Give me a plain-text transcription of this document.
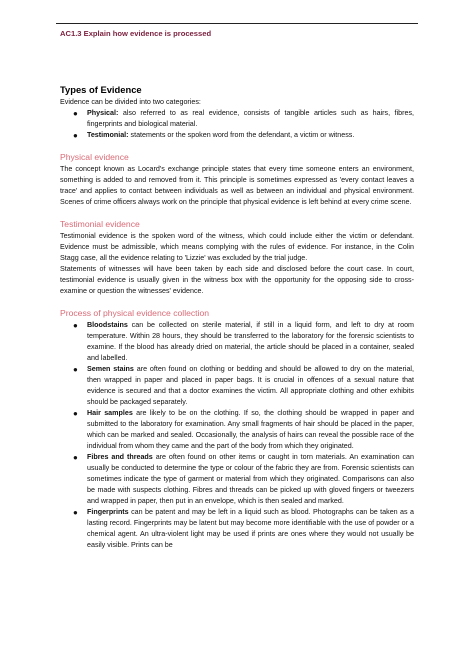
AC1.3 Explain how evidence is processed
Types of Evidence

Evidence can be divided into two categories:

● Physical: also referred to as real evidence, consists of tangible articles such as hairs, fibres, fingerprints and biological material.
● Testimonial: statements or the spoken word from the defendant, a victim or witness.
Physical evidence

The concept known as Locard's exchange principle states that every time someone enters an environment, something is added to and removed from it. This principle is sometimes expressed as 'every contact leaves a trace' and applies to contact between individuals as well as between an individual and physical environment. Scenes of crime officers always work on the principle that physical evidence is left behind at every crime scene.

Testimonial evidence

Testimonial evidence is the spoken word of the witness, which could include either the victim or defendant. Evidence must be admissible, which means complying with the rules of evidence. For instance, in the Colin Stagg case, all the evidence relating to 'Lizzie' was excluded by the trial judge.

Statements of witnesses will have been taken by each side and disclosed before the court case. In court, testimonial evidence is usually given in the witness box with the opportunity for the opposing side to cross-examine or question the witnesses' evidence.

Process of physical evidence collection
● Bloodstains can be collected on sterile material, if still in a liquid form, and left to dry at room temperature. Within 28 hours, they should be transferred to the laboratory for the forensic scientists to examine. If the blood has already dried on material, the article should be placed in a container, sealed and labelled.
● Semen stains are often found on clothing or bedding and should be allowed to dry on the material, then wrapped in paper and placed in paper bags. It is crucial in offences of a sexual nature that evidence is secured and that a doctor examines the victim. All appropriate clothing and other exhibits should be packaged separately.
● Hair samples are likely to be on the clothing. If so, the clothing should be wrapped in paper and submitted to the laboratory for examination. Any small fragments of hair should be placed in the paper, which can be marked and sealed. Occasionally, the analysis of hairs can reveal the possible race of the individual from whom they came and the part of the body from which they originated.
● Fibres and threads are often found on other items or caught in torn materials. An examination can usually be conducted to determine the type or colour of the fabric they are from. Forensic scientists can sometimes indicate the type of garment or material from which they originated. Comparisons can also be made with suspects clothing. Fibres and threads can be picked up with gloved fingers or tweezers and wrapped in paper, then put in an envelope, which is then sealed and marked.
● Fingerprints can be patent and may be left in a liquid such as blood. Photographs can be taken as a lasting record. Fingerprints may be latent but may become more identifiable with the use of powder or a chemical agent. An ultra-violent light may be used if prints are ones where they would not usually be easily visible. Prints can be
